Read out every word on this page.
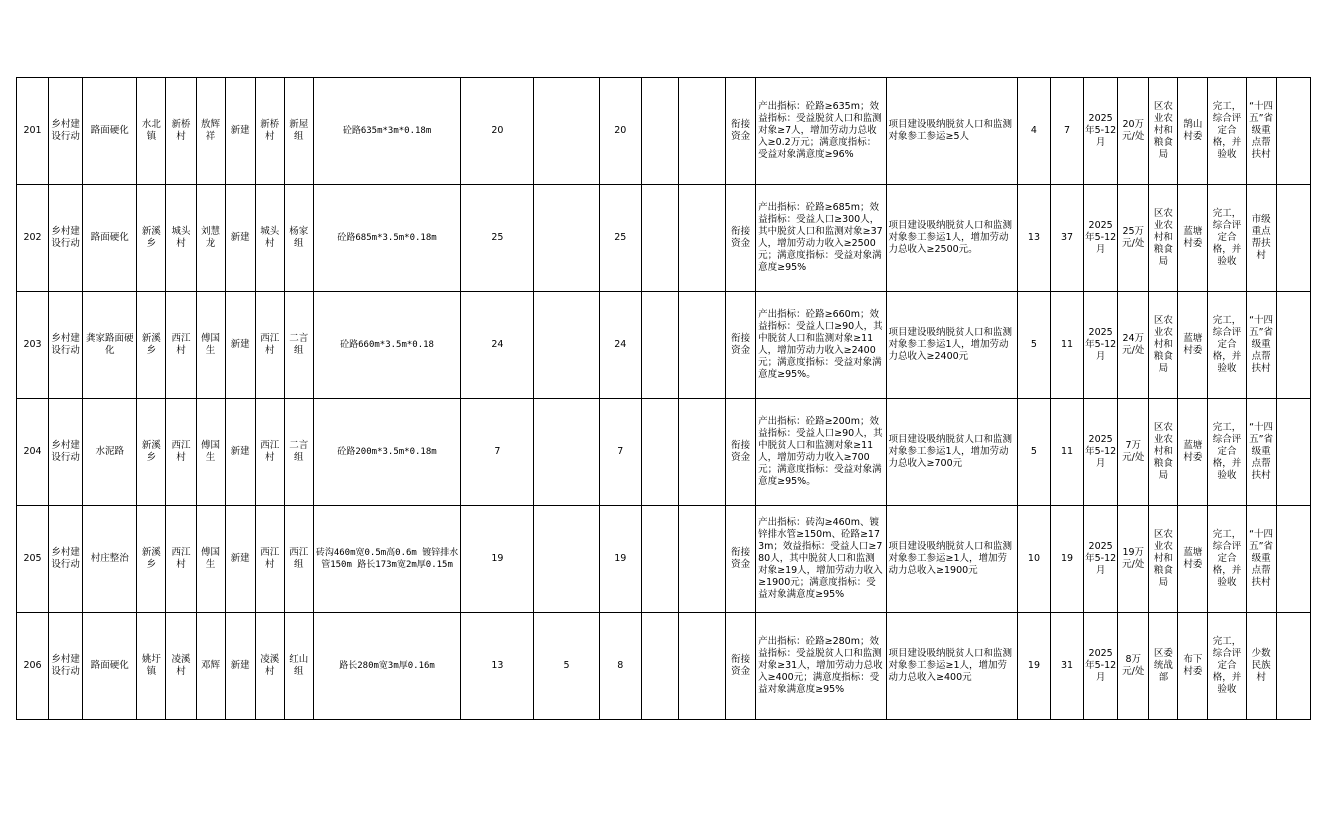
201	乡村建设行动	路面硬化	水北镇	新桥村	敖辉祥	新建	新桥村	新屋组	砼路635m*3m*0.18m	20		20			衔接资金	产出指标：砼路≥635m；效益指标：受益脱贫人口和监测对象≥7人，增加劳动力总收入≥0.2万元；满意度指标：受益对象满意度≥96%	项目建设吸纳脱贫人口和监测对象参工参运≥5人	4	7	2025年5-12月	20万元/处	区农业农村和粮食局	鹄山村委	完工，综合评定合格，并验收	“十四五”省级重点帮扶村	
202	乡村建设行动	路面硬化	新溪乡	城头村	刘慧龙	新建	城头村	杨家组	砼路685m*3.5m*0.18m	25		25			衔接资金	产出指标：砼路≥685m；效益指标：受益人口≥300人，其中脱贫人口和监测对象≥37人，增加劳动力收入≥2500元；满意度指标：受益对象满意度≥95%	项目建设吸纳脱贫人口和监测对象参工参运1人，增加劳动力总收入≥2500元。	13	37	2025年5-12月	25万元/处	区农业农村和粮食局	蓝塘村委	完工，综合评定合格，并验收	市级重点帮扶村	
203	乡村建设行动	龚家路面硬化	新溪乡	西江村	傅国生	新建	西江村	二言组	砼路660m*3.5m*0.18	24		24			衔接资金	产出指标：砼路≥660m；效益指标：受益人口≥90人，其中脱贫人口和监测对象≥11人，增加劳动力收入≥2400元；满意度指标：受益对象满意度≥95%。	项目建设吸纳脱贫人口和监测对象参工参运1人，增加劳动力总收入≥2400元	5	11	2025年5-12月	24万元/处	区农业农村和粮食局	蓝塘村委	完工，综合评定合格，并验收	“十四五”省级重点帮扶村	
204	乡村建设行动	水泥路	新溪乡	西江村	傅国生	新建	西江村	二言组	砼路200m*3.5m*0.18m	7		7			衔接资金	产出指标：砼路≥200m；效益指标：受益人口≥90人，其中脱贫人口和监测对象≥11人，增加劳动力收入≥700元；满意度指标：受益对象满意度≥95%。	项目建设吸纳脱贫人口和监测对象参工参运1人，增加劳动力总收入≥700元	5	11	2025年5-12月	7万元/处	区农业农村和粮食局	蓝塘村委	完工，综合评定合格，并验收	“十四五”省级重点帮扶村	
205	乡村建设行动	村庄整治	新溪乡	西江村	傅国生	新建	西江村	西江组	砖沟460m宽0.5m高0.6m 镀锌排水管150m 路长173m宽2m厚0.15m	19		19			衔接资金	产出指标：砖沟≥460m、镀锌排水管≥150m、砼路≥173m；效益指标：受益人口≥780人，其中脱贫人口和监测对象≥19人，增加劳动力收入≥1900元；满意度指标：受益对象满意度≥95%	项目建设吸纳脱贫人口和监测对象参工参运≥1人，增加劳动力总收入≥1900元	10	19	2025年5-12月	19万元/处	区农业农村和粮食局	蓝塘村委	完工，综合评定合格，并验收	“十四五”省级重点帮扶村	
206	乡村建设行动	路面硬化	姚圩镇	凌溪村	邓辉	新建	凌溪村	红山组	路长280m宽3m厚0.16m	13	5	8			衔接资金	产出指标：砼路≥280m；效益指标：受益脱贫人口和监测对象≥31人，增加劳动力总收入≥400元；满意度指标：受益对象满意度≥95%	项目建设吸纳脱贫人口和监测对象参工参运≥1人，增加劳动力总收入≥400元	19	31	2025年5-12月	8万元/处	区委统战部	布下村委	完工，综合评定合格，并验收	少数民族村	
